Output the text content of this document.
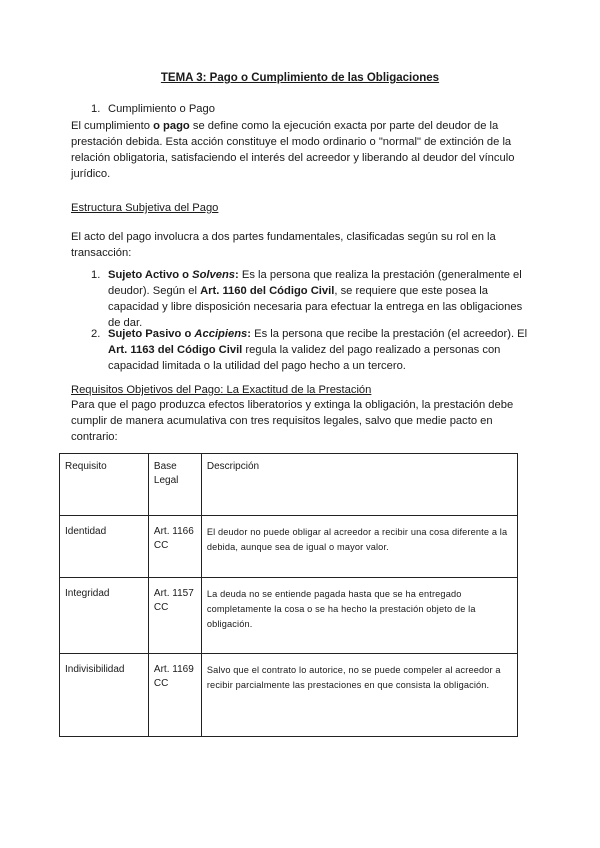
TEMA 3: Pago o Cumplimiento de las Obligaciones
1. Cumplimiento o Pago

El cumplimiento o pago se define como la ejecución exacta por parte del deudor de la prestación debida. Esta acción constituye el modo ordinario o "normal" de extinción de la relación obligatoria, satisfaciendo el interés del acreedor y liberando al deudor del vínculo jurídico.

Estructura Subjetiva del Pago
El acto del pago involucra a dos partes fundamentales, clasificadas según su rol en la transacción:
1. Sujeto Activo o Solvens: Es la persona que realiza la prestación (generalmente el deudor). Según el Art. 1160 del Código Civil, se requiere que este posea la capacidad y libre disposición necesaria para efectuar la entrega en las obligaciones de dar.

2. Sujeto Pasivo o Accipiens: Es la persona que recibe la prestación (el acreedor). El Art. 1163 del Código Civil regula la validez del pago realizado a personas con capacidad limitada o la utilidad del pago hecho a un tercero.

Requisitos Objetivos del Pago: La Exactitud de la Prestación
Para que el pago produzca efectos liberatorios y extinga la obligación, la prestación debe cumplir de manera acumulativa con tres requisitos legales, salvo que medie pacto en contrario:
Requisito	Base Legal	Descripción
Identidad	Art. 1166 CC	El deudor no puede obligar al acreedor a recibir una cosa diferente a la debida, aunque sea de igual o mayor valor.
Integridad	Art. 1157 CC	La deuda no se entiende pagada hasta que se ha entregado completamente la cosa o se ha hecho la prestación objeto de la obligación.
Indivisibilidad	Art. 1169 CC	Salvo que el contrato lo autorice, no se puede compeler al acreedor a recibir parcialmente las prestaciones en que consista la obligación.
